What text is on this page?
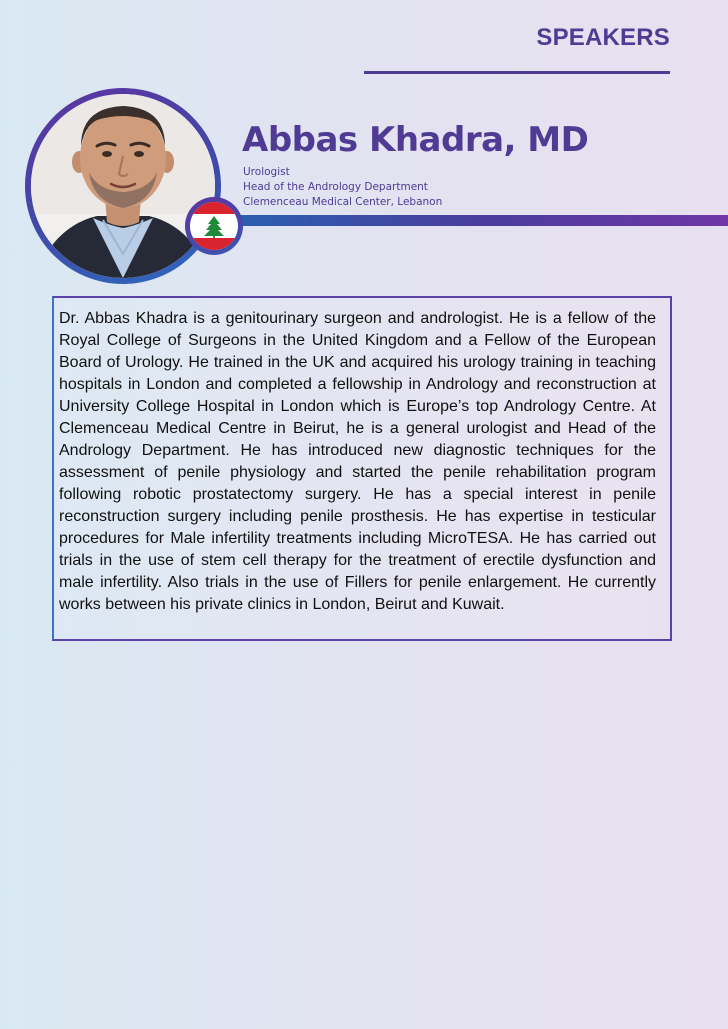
SPEAKERS
Abbas Khadra, MD
Urologist
Head of the Andrology Department
Clemenceau Medical Center, Lebanon

Dr. Abbas Khadra is a genitourinary surgeon and andrologist. He is a fellow of the Royal College of Surgeons in the United Kingdom and a Fellow of the European Board of Urology. He trained in the UK and acquired his urology training in teaching hospitals in London and completed a fellowship in Andrology and reconstruction at University College Hospital in London which is Europe’s top Andrology Centre. At Clemenceau Medical Centre in Beirut, he is a general urologist and Head of the Andrology Department. He has introduced new diagnostic techniques for the assessment of penile physiology and started the penile rehabilitation program following robotic prostatectomy surgery. He has a special interest in penile reconstruction surgery including penile prosthesis. He has expertise in testicular procedures for Male infertility treatments including MicroTESA. He has carried out trials in the use of stem cell therapy for the treatment of erectile dysfunction and male infertility. Also trials in the use of Fillers for penile enlargement. He currently works between his private clinics in London, Beirut and Kuwait.
